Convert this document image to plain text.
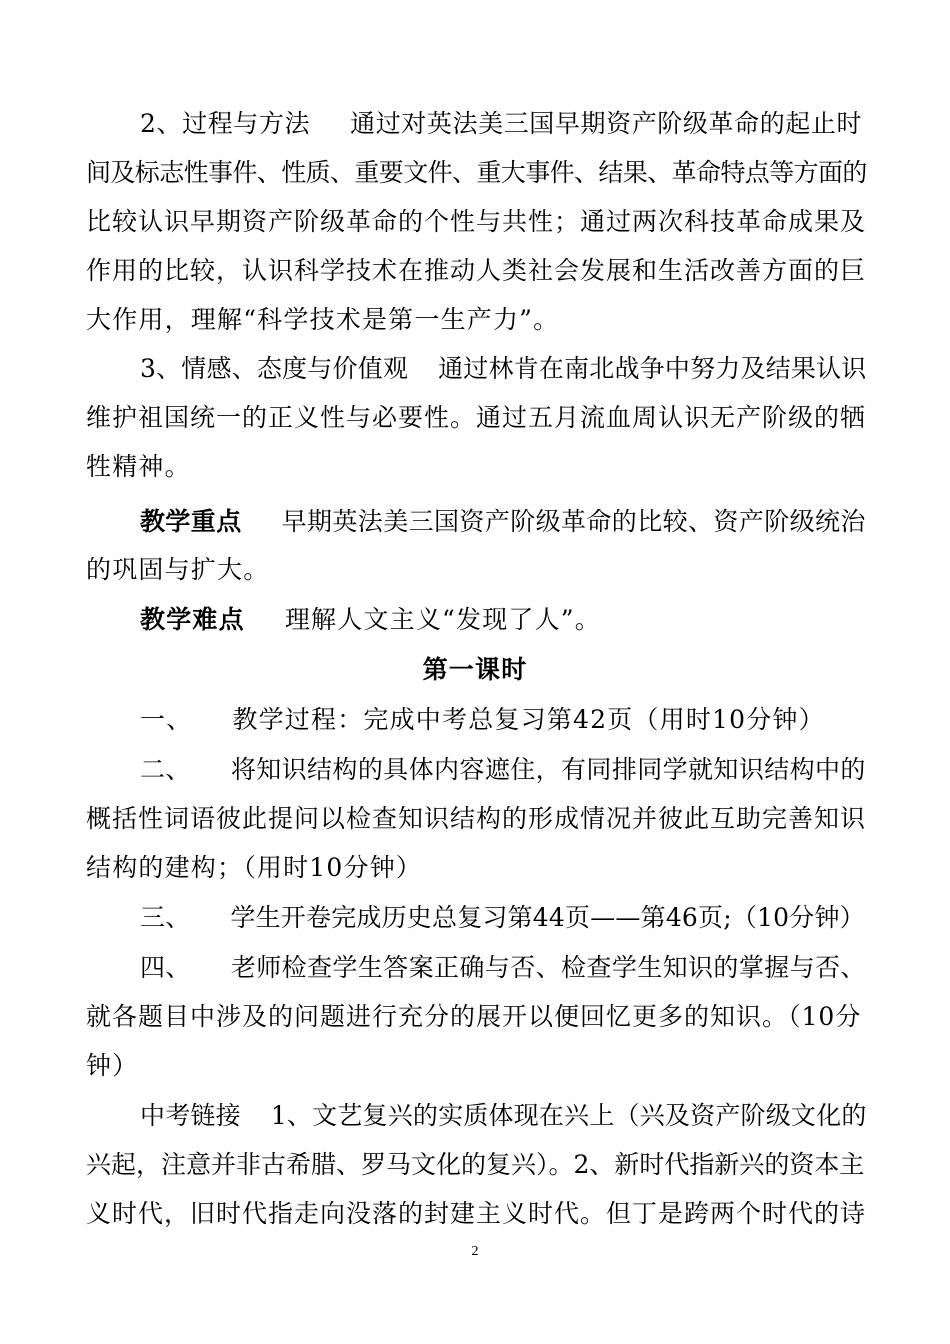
2、过程与方法 通过对英法美三国早期资产阶级革命的起止时
间及标志性事件、性质、重要文件、重大事件、结果、革命特点等方面的
比较认识早期资产阶级革命的个性与共性；通过两次科技革命成果及
作用的比较，认识科学技术在推动人类社会发展和生活改善方面的巨
大作用，理解“科学技术是第一生产力”。
3、情感、态度与价值观 通过林肯在南北战争中努力及结果认识
维护祖国统一的正义性与必要性。通过五月流血周认识无产阶级的牺
牲精神。
教学重点 早期英法美三国资产阶级革命的比较、资产阶级统治
的巩固与扩大。
教学难点 理解人文主义“发现了人”。
第一课时
一、 教学过程：完成中考总复习第42页（用时10分钟）
二、 将知识结构的具体内容遮住，有同排同学就知识结构中的
概括性词语彼此提问以检查知识结构的形成情况并彼此互助完善知识
结构的建构；（用时10分钟）
三、 学生开卷完成历史总复习第44页——第46页;（10分钟）
四、 老师检查学生答案正确与否、检查学生知识的掌握与否、
就各题目中涉及的问题进行充分的展开以便回忆更多的知识。（10分
钟）
中考链接 1、文艺复兴的实质体现在兴上（兴及资产阶级文化的
兴起，注意并非古希腊、罗马文化的复兴）。2、新时代指新兴的资本主
义时代，旧时代指走向没落的封建主义时代。但丁是跨两个时代的诗
2
